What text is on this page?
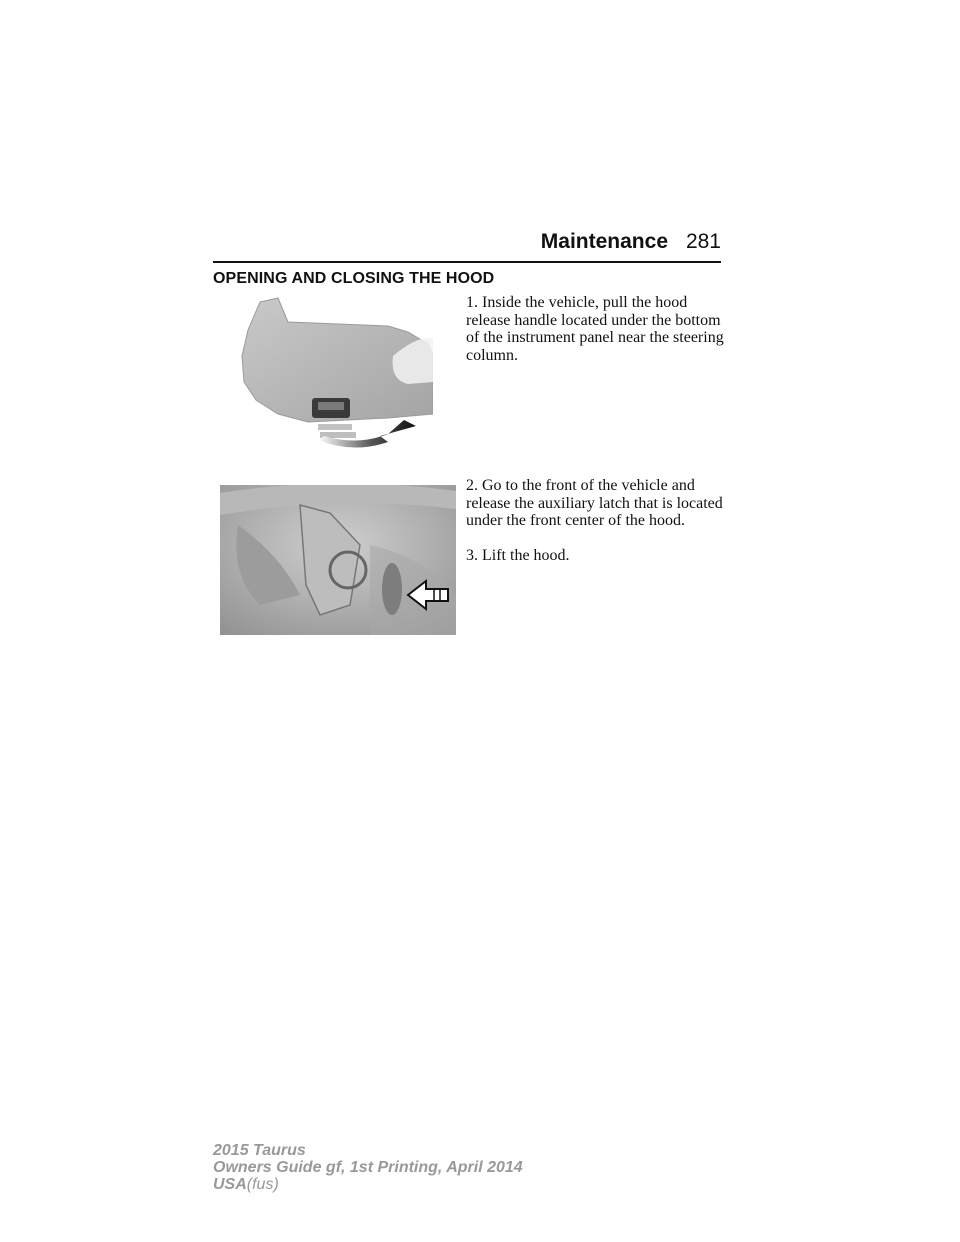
Maintenance 281
OPENING AND CLOSING THE HOOD

1. Inside the vehicle, pull the hood release handle located under the bottom of the instrument panel near the steering column.

2. Go to the front of the vehicle and release the auxiliary latch that is located under the front center of the hood.

3. Lift the hood.

2015 Taurus
Owners Guide gf, 1st Printing, April 2014
USA(fus)
